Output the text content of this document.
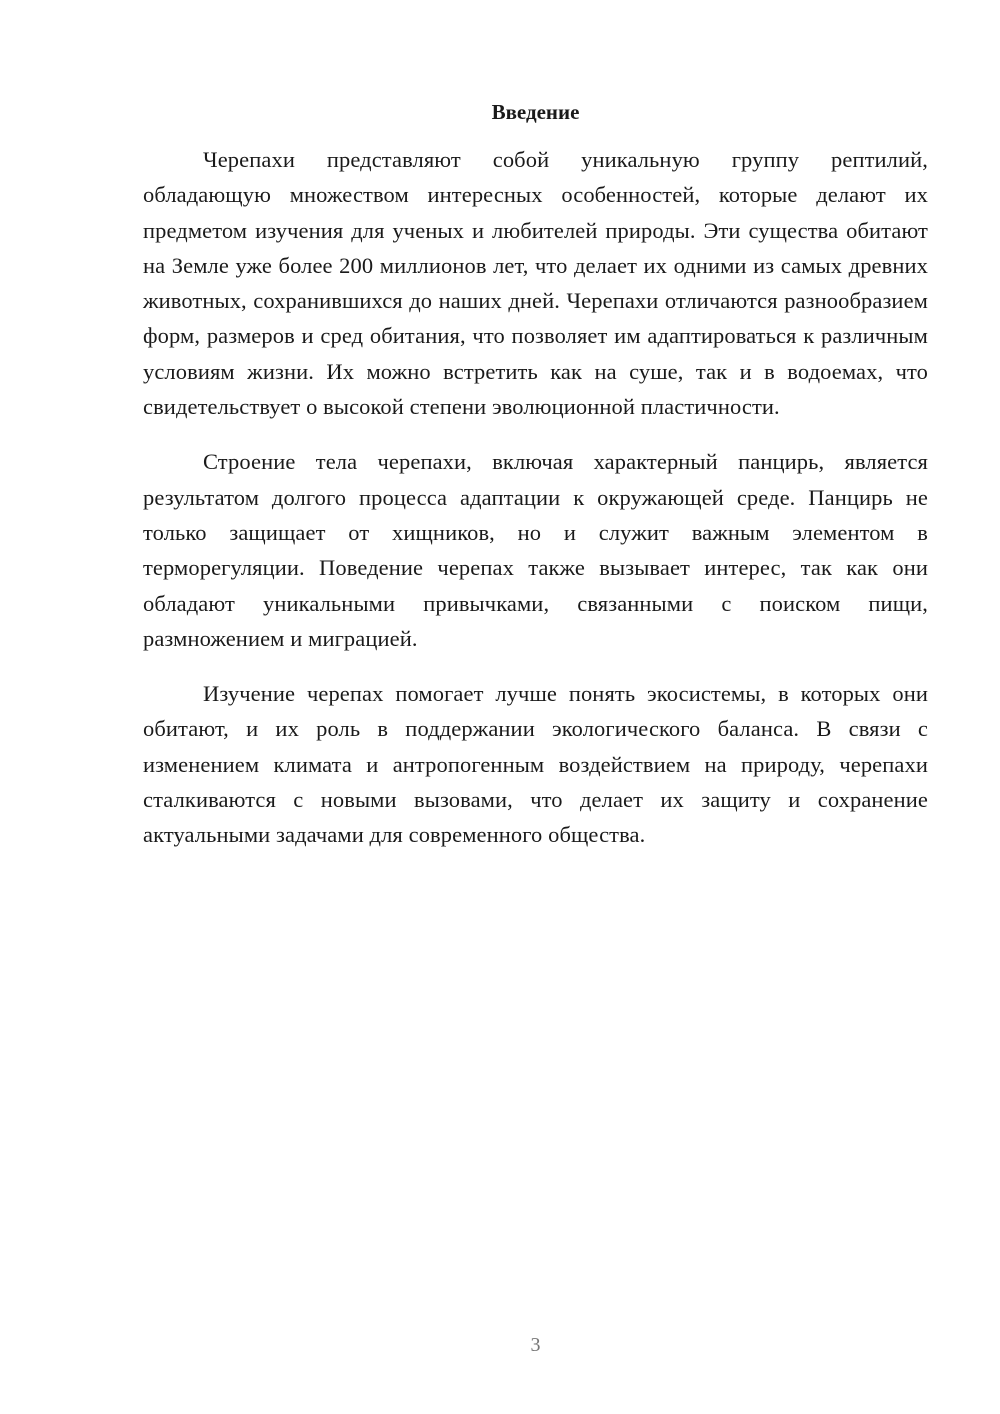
Введение

Черепахи представляют собой уникальную группу рептилий, обладающую множеством интересных особенностей, которые делают их предметом изучения для ученых и любителей природы. Эти существа обитают на Земле уже более 200 миллионов лет, что делает их одними из самых древних животных, сохранившихся до наших дней. Черепахи отличаются разнообразием форм, размеров и сред обитания, что позволяет им адаптироваться к различным условиям жизни. Их можно встретить как на суше, так и в водоемах, что свидетельствует о высокой степени эволюционной пластичности.

Строение тела черепахи, включая характерный панцирь, является результатом долгого процесса адаптации к окружающей среде. Панцирь не только защищает от хищников, но и служит важным элементом в терморегуляции. Поведение черепах также вызывает интерес, так как они обладают уникальными привычками, связанными с поиском пищи, размножением и миграцией.

Изучение черепах помогает лучше понять экосистемы, в которых они обитают, и их роль в поддержании экологического баланса. В связи с изменением климата и антропогенным воздействием на природу, черепахи сталкиваются с новыми вызовами, что делает их защиту и сохранение актуальными задачами для современного общества.

3
